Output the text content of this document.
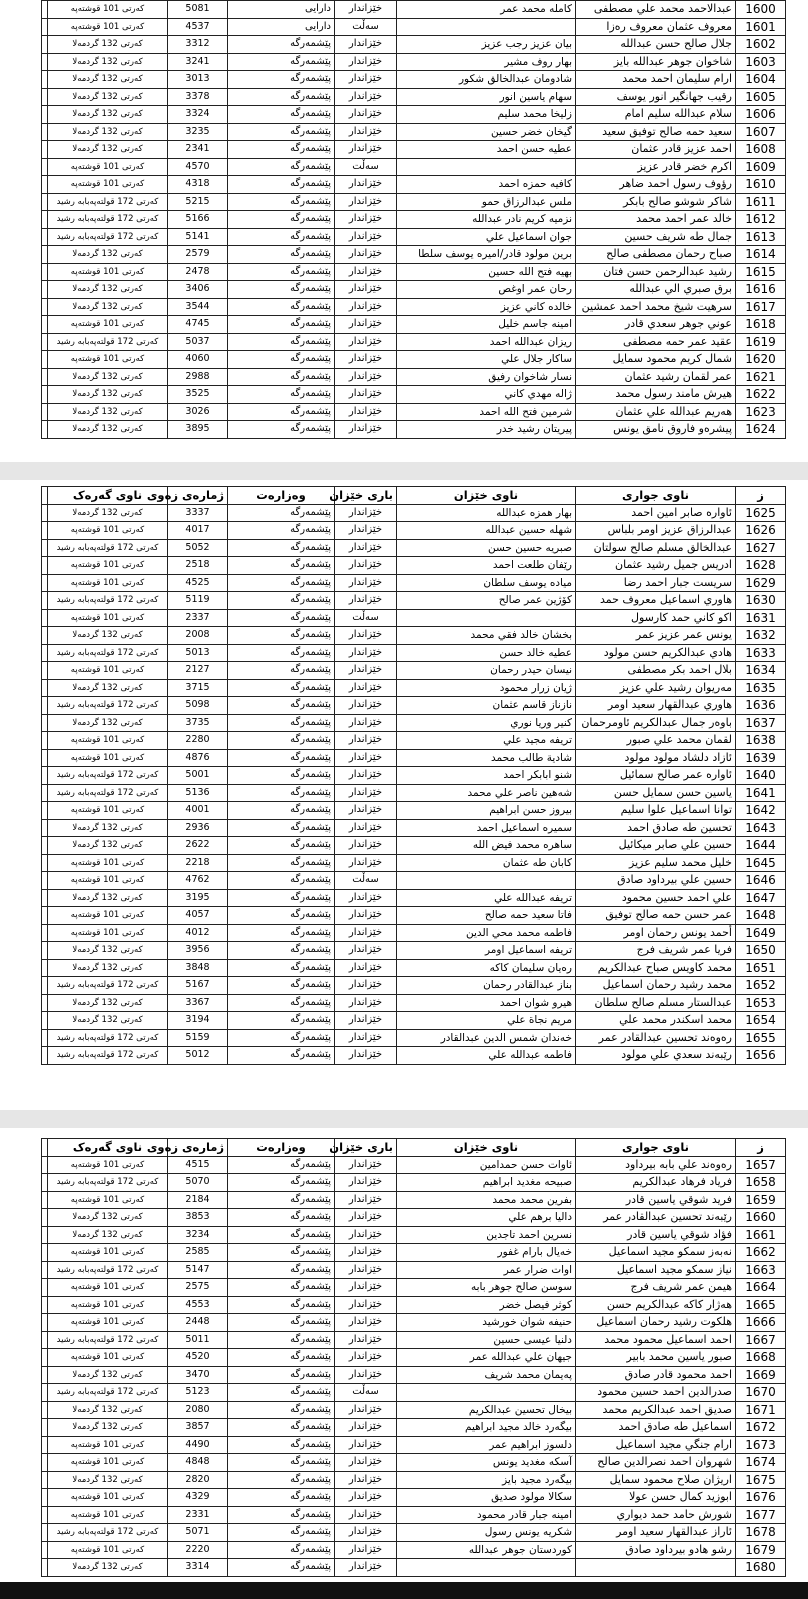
1600	عبدالاحمد محمد علي مصطفى	كامله محمد عمر	خێزاندار	دارایی	5081	كەرتى 101 قوشتەپە	
1601	معروف عثمان معروف رەزا		سەڵت	دارایی	4537	كەرتى 101 قوشتەپە	
1602	جلال صالح حسن عبدالله	بيان عزيز رجب عزيز	خێزاندار	پێشمەرگە	3312	كەرتى 132 گردمەلا	
1603	شاخوان جوهر عبدالله بايز	بهار روف مشير	خێزاندار	پێشمەرگە	3241	كەرتى 132 گردمەلا	
1604	ارام سليمان احمد محمد	شادومان عبدالخالق شكور	خێزاندار	پێشمەرگە	3013	كەرتى 132 گردمەلا	
1605	رقيب جهانگير انور يوسف	سهام ياسين انور	خێزاندار	پێشمەرگە	3378	كەرتى 132 گردمەلا	
1606	سلام عبدالله سليم امام	زليخا محمد سليم	خێزاندار	پێشمەرگە	3324	كەرتى 132 گردمەلا	
1607	سعيد حمه صالح توفيق سعيد	گيخان خضر حسين	خێزاندار	پێشمەرگە	3235	كەرتى 132 گردمەلا	
1608	احمد عزيز قادر عثمان	عطيه حسن احمد	خێزاندار	پێشمەرگە	2341	كەرتى 132 گردمەلا	
1609	اكرم خضر قادر عزيز		سەڵت	پێشمەرگە	4570	كەرتى 101 قوشتەپە	
1610	رؤوف رسول احمد ضاهر	كافيه حمزه احمد	خێزاندار	پێشمەرگە	4318	كەرتى 101 قوشتەپە	
1611	شاكر شوشو صالح بابكر	ملس عبدالرزاق حمو	خێزاندار	پێشمەرگە	5215	كەرتى 172 قولتەپەبابە رشيد	
1612	خالد عمر احمد محمد	نزميه كريم نادر عبدالله	خێزاندار	پێشمەرگە	5166	كەرتى 172 قولتەپەبابە رشيد	
1613	جمال طه شريف حسين	جوان اسماعيل علي	خێزاندار	پێشمەرگە	5141	كەرتى 172 قولتەپەبابە رشيد	
1614	صباح رحمان مصطفى صالح	برين مولود قادر/اميره يوسف سلطا	خێزاندار	پێشمەرگە	2579	كەرتى 132 گردمەلا	
1615	رشيد عبدالرحمن حسن فتان	بهيه فتح الله حسين	خێزاندار	پێشمەرگە	2478	كەرتى 101 قوشتەپە	
1616	برق صبري الي عبدالله	رحان عمر اوغص	خێزاندار	پێشمەرگە	3406	كەرتى 132 گردمەلا	
1617	سرهيت شيخ محمد احمد عمشين	خالده كاني عزيز	خێزاندار	پێشمەرگە	3544	كەرتى 132 گردمەلا	
1618	عوني جوهر سعدي قادر	امينه جاسم خليل	خێزاندار	پێشمەرگە	4745	كەرتى 101 قوشتەپە	
1619	عقيد عمر حمه مصطفى	ريزان عبدالله احمد	خێزاندار	پێشمەرگە	5037	كەرتى 172 قولتەپەبابە رشيد	
1620	شمال كريم محمود سمايل	ساكار جلال علي	خێزاندار	پێشمەرگە	4060	كەرتى 101 قوشتەپە	
1621	عمر لقمان رشيد عثمان	نسار شاخوان رفيق	خێزاندار	پێشمەرگە	2988	كەرتى 132 گردمەلا	
1622	هيرش مامند رسول محمد	ژاله مهدي كاني	خێزاندار	پێشمەرگە	3525	كەرتى 132 گردمەلا	
1623	هەريم عبدالله علي عثمان	شرمين فتح الله احمد	خێزاندار	پێشمەرگە	3026	كەرتى 132 گردمەلا	
1624	پيشرەو فاروق نامق يونس	پيريتان رشيد خدر	خێزاندار	پێشمەرگە	3895	كەرتى 132 گردمەلا	
ز	ناوی جواری	ناوی خێزان	باری خێزان	وەزارەت	ژمارەی زەوی	ناوی گەرەک	
1625	ئاوارە صابر امين احمد	بهار همزه عبدالله	خێزاندار	پێشمەرگە	3337	كەرتى 132 گردمەلا	
1626	عبدالرزاق عزيز اومر بلباس	شهله حسين عبدالله	خێزاندار	پێشمەرگە	4017	كەرتى 101 قوشتەپە	
1627	عبدالخالق مسلم صالح سولتان	صبريه حسين حسن	خێزاندار	پێشمەرگە	5052	كەرتى 172 قولتەپەبابە رشيد	
1628	ادريس جميل رشيد عثمان	رێفان طلعت احمد	خێزاندار	پێشمەرگە	2518	كەرتى 101 قوشتەپە	
1629	سريست جبار احمد رضا	مياده يوسف سلطان	خێزاندار	پێشمەرگە	4525	كەرتى 101 قوشتەپە	
1630	هاوري اسماعيل معروف حمد	كۆژين عمر صالح	خێزاندار	پێشمەرگە	5119	كەرتى 172 قولتەپەبابە رشيد	
1631	اكو كاني حمد كارسول		سەڵت	پێشمەرگە	2337	كەرتى 101 قوشتەپە	
1632	يونس عمر عزيز عمر	بخشان خالد فقي محمد	خێزاندار	پێشمەرگە	2008	كەرتى 132 گردمەلا	
1633	هادي عبدالكريم حسن مولود	عطيه خالد حسن	خێزاندار	پێشمەرگە	5013	كەرتى 172 قولتەپەبابە رشيد	
1634	بلال احمد بكر مصطفى	نيسان حيدر رحمان	خێزاندار	پێشمەرگە	2127	كەرتى 101 قوشتەپە	
1635	مەريوان رشيد علي عزيز	ژيان زرار محمود	خێزاندار	پێشمەرگە	3715	كەرتى 132 گردمەلا	
1636	هاوري عبدالقهار سعيد اومر	نازناز قاسم عثمان	خێزاندار	پێشمەرگە	5098	كەرتى 172 قولتەپەبابە رشيد	
1637	باوەر جمال عبدالكريم ئاومرحمان	كنير وريا نوري	خێزاندار	پێشمەرگە	3735	كەرتى 132 گردمەلا	
1638	لقمان محمد علي صبور	تريفه مجيد علي	خێزاندار	پێشمەرگە	2280	كەرتى 101 قوشتەپە	
1639	ئازاد دلشاد مولود مولود	شادية طالب محمد	خێزاندار	پێشمەرگە	4876	كەرتى 101 قوشتەپە	
1640	ئاوارە عمر صالح سمائيل	شنو ابابكر احمد	خێزاندار	پێشمەرگە	5001	كەرتى 172 قولتەپەبابە رشيد	
1641	ياسين حسن سمايل حسن	شەهين ناصر علي محمد	خێزاندار	پێشمەرگە	5136	كەرتى 172 قولتەپەبابە رشيد	
1642	توانا اسماعيل علوا سليم	بيروز حسن ابراهيم	خێزاندار	پێشمەرگە	4001	كەرتى 101 قوشتەپە	
1643	تحسين طه صادق احمد	سميره اسماعيل احمد	خێزاندار	پێشمەرگە	2936	كەرتى 132 گردمەلا	
1644	حسين علي صابر ميكائيل	ساهره محمد فيض الله	خێزاندار	پێشمەرگە	2622	كەرتى 132 گردمەلا	
1645	خليل محمد سليم عزيز	كابان طه عثمان	خێزاندار	پێشمەرگە	2218	كەرتى 101 قوشتەپە	
1646	حسين علي بيرداود صادق		سەڵت	پێشمەرگە	4762	كەرتى 101 قوشتەپە	
1647	علي احمد حسين محمود	تريفه عبدالله علي	خێزاندار	پێشمەرگە	3195	كەرتى 132 گردمەلا	
1648	عمر حسن حمه صالح توفيق	فاتا سعيد حمه صالح	خێزاندار	پێشمەرگە	4057	كەرتى 101 قوشتەپە	
1649	أحمد يونس رحمان اومر	فاطمه محمد محي الدين	خێزاندار	پێشمەرگە	4012	كەرتى 101 قوشتەپە	
1650	فريا عمر شريف فرج	تريفه اسماعيل اومر	خێزاندار	پێشمەرگە	3956	كەرتى 132 گردمەلا	
1651	محمد كاويس صباح عبدالكريم	رەيان سليمان كاكه	خێزاندار	پێشمەرگە	3848	كەرتى 132 گردمەلا	
1652	محمد رشيد رحمان اسماعيل	بناز عبدالقادر رحمان	خێزاندار	پێشمەرگە	5167	كەرتى 172 قولتەپەبابە رشيد	
1653	عبدالستار مسلم صالح سلطان	هيرو شوان احمد	خێزاندار	پێشمەرگە	3367	كەرتى 132 گردمەلا	
1654	محمد اسكندر محمد علي	مريم نجاة علي	خێزاندار	پێشمەرگە	3194	كەرتى 132 گردمەلا	
1655	رەوەند تحسين عبدالقادر عمر	خەندان شمس الدين عبدالقادر	خێزاندار	پێشمەرگە	5159	كەرتى 172 قولتەپەبابە رشيد	
1656	رێبەند سعدي علي مولود	فاطمه عبدالله علي	خێزاندار	پێشمەرگە	5012	كەرتى 172 قولتەپەبابە رشيد	
ز	ناوی جواری	ناوی خێزان	باری خێزان	وەزارەت	ژمارەی زەوی	ناوی گەرەک	
1657	رەوەند علي بابه بيرداود	ئاوات حسن حمدامين	خێزاندار	پێشمەرگە	4515	كەرتى 101 قوشتەپە	
1658	فرياد فرهاد عبدالكريم	صبيحه مغديد ابراهيم	خێزاندار	پێشمەرگە	5070	كەرتى 172 قولتەپەبابە رشيد	
1659	فريد شوقي ياسين قادر	بفرين محمد محمد	خێزاندار	پێشمەرگە	2184	كەرتى 101 قوشتەپە	
1660	رێبەند تحسين عبدالقادر عمر	داليا برهم علي	خێزاندار	پێشمەرگە	3853	كەرتى 132 گردمەلا	
1661	فؤاد شوقي ياسين قادر	نسرين احمد تاجدين	خێزاندار	پێشمەرگە	3234	كەرتى 132 گردمەلا	
1662	نەبەز سمكو مجيد اسماعيل	خەيال بارام غفور	خێزاندار	پێشمەرگە	2585	كەرتى 101 قوشتەپە	
1663	نياز سمكو مجيد اسماعيل	اوات ضرار عمر	خێزاندار	پێشمەرگە	5147	كەرتى 172 قولتەپەبابە رشيد	
1664	هيمن عمر شريف فرج	سوسن صالح جوهر بابه	خێزاندار	پێشمەرگە	2575	كەرتى 101 قوشتەپە	
1665	هەژار كاكه عبدالكريم حسن	كوثر فيصل خضر	خێزاندار	پێشمەرگە	4553	كەرتى 101 قوشتەپە	
1666	هلكوت رشيد رحمان اسماعيل	حنيفه شوان خورشيد	خێزاندار	پێشمەرگە	2448	كەرتى 101 قوشتەپە	
1667	احمد اسماعيل محمود محمد	دلنيا عيسى حسين	خێزاندار	پێشمەرگە	5011	كەرتى 172 قولتەپەبابە رشيد	
1668	صبور ياسين محمد بابير	جيهان علي عبدالله عمر	خێزاندار	پێشمەرگە	4520	كەرتى 101 قوشتەپە	
1669	احمد محمود قادر صادق	پەيمان محمد شريف	خێزاندار	پێشمەرگە	3470	كەرتى 132 گردمەلا	
1670	صدرالدين احمد حسين محمود		سەڵت	پێشمەرگە	5123	كەرتى 172 قولتەپەبابە رشيد	
1671	صديق احمد عبدالكريم محمد	بيخال تحسين عبدالكريم	خێزاندار	پێشمەرگە	2080	كەرتى 132 گردمەلا	
1672	اسماعيل طه صادق احمد	بيگەرد خالد مجيد ابراهيم	خێزاندار	پێشمەرگە	3857	كەرتى 132 گردمەلا	
1673	ارام جنگي مجيد اسماعيل	دلسوز ابراهيم عمر	خێزاندار	پێشمەرگە	4490	كەرتى 101 قوشتەپە	
1674	شهروان احمد نصرالدين صالح	آسكه مغديد يونس	خێزاندار	پێشمەرگە	4848	كەرتى 101 قوشتەپە	
1675	اريژان صلاح محمود سمايل	بيگەرد مجيد بايز	خێزاندار	پێشمەرگە	2820	كەرتى 132 گردمەلا	
1676	ابوزيد كمال حسن عولا	سكالا مولود صديق	خێزاندار	پێشمەرگە	4329	كەرتى 101 قوشتەپە	
1677	شورش حامد حمد ديواري	امينه جبار قادر محمود	خێزاندار	پێشمەرگە	2331	كەرتى 101 قوشتەپە	
1678	ئاراز عبدالقهار سعيد اومر	شكريه يونس رسول	خێزاندار	پێشمەرگە	5071	كەرتى 172 قولتەپەبابە رشيد	
1679	رشو هادو بيرداود صادق	كوردستان جوهر عبدالله	خێزاندار	پێشمەرگە	2220	كەرتى 101 قوشتەپە	
1680			خێزاندار	پێشمەرگە	3314	كەرتى 132 گردمەلا	
